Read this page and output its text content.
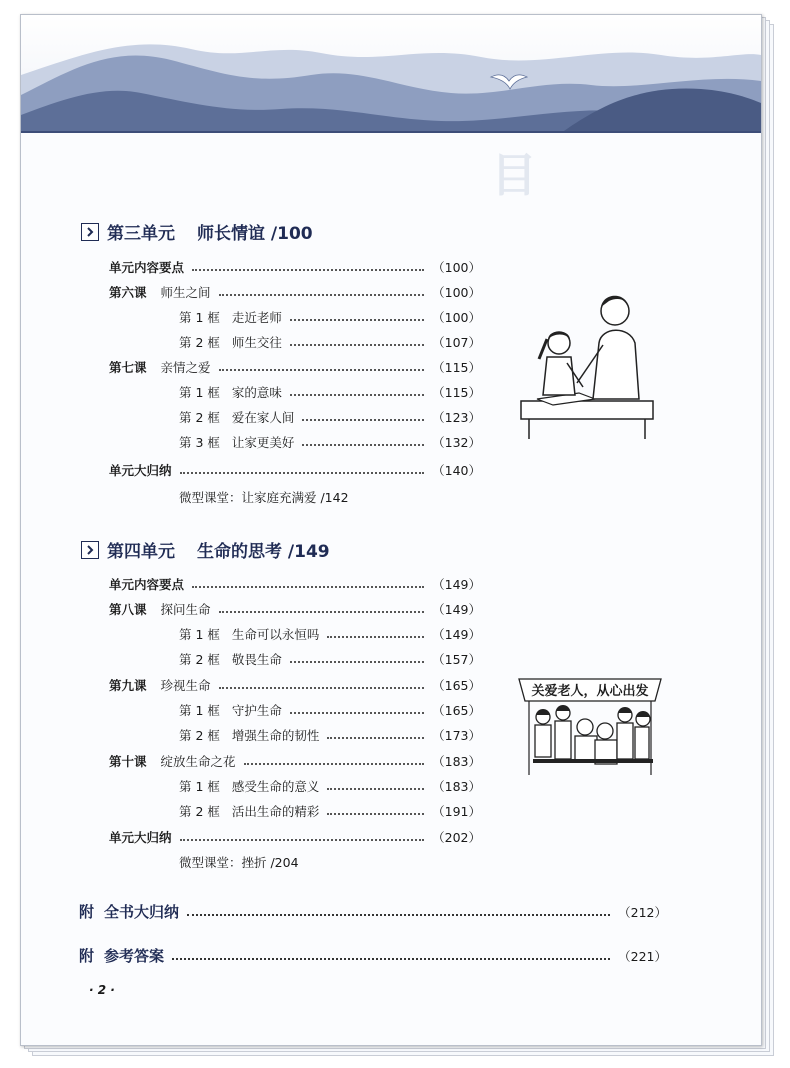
目
第三单元 师长情谊 /100
单元内容要点	（100）
第六课 师生之间	（100）
第 1 框 走近老师	（100）
第 2 框 师生交往	（107）
第七课 亲情之爱	（115）
第 1 框 家的意味	（115）
第 2 框 爱在家人间	（123）
第 3 框 让家更美好	（132）
单元大归纳	（140）
微型课堂：让家庭充满爱 /142
第四单元 生命的思考 /149
单元内容要点	（149）
第八课 探问生命	（149）
第 1 框 生命可以永恒吗	（149）
第 2 框 敬畏生命	（157）
第九课 珍视生命	（165）
第 1 框 守护生命	（165）
第 2 框 增强生命的韧性	（173）
第十课 绽放生命之花	（183）
第 1 框 感受生命的意义	（183）
第 2 框 活出生命的精彩	（191）
单元大归纳	（202）
微型课堂：挫折 /204
关爱老人，从心出发
附 全书大归纳	（212）
附 参考答案	（221）
· 2 ·
